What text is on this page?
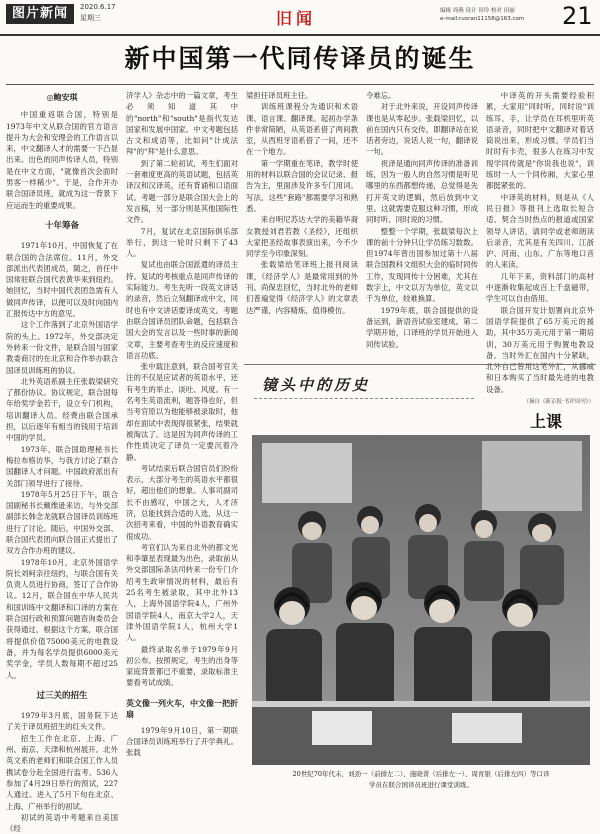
图片新闻	2020.6.17
星期三	旧闻	编辑 周燕 设计 田玲 校对 田丽
e-mail:ruoran11158@163.com 21
新中国第一代同传译员的诞生
◎鲍安琪

中国重返联合国，特别是1973年中文从联合国的官方语言提升为大会和安理会的工作语言以来，中文翻译人才的需要一下凸显出来。出色的同声传译人员，特别是在中文方面，"就像首次会面时男客一样稀少"。于是，合作开办联合国译员班，就成为这一背景下应运而生的重要成果。

十年筹备

1971年10月，中国恢复了在联合国的合法席位。11月，外交部派出代表团成员，随之，首任中国常驻联合国代表黄华来到纽约。她回忆，当时中国代表团急需有人做同声传译，以便可以及时向国内汇报传达中方的意见。

这个工作落到了北京外国语学院的头上。1972年，外交部决定外转来一份文件，是联合国与国家教委商讨的在北京和合作举办联合国译员训练班的协议。

北外英语系副主任张载梁研究了都份协议。协议规定，联合国每年给奖学金若干，设立专门机构，培训翻译人员。经费由联合国承担，以后逐年有相当的钱用于培训中国的学员。

1973年，联合国助理秘书长梅拉布格访华，与我方讨论了联合国翻译人才问题。中国政府派出有关部门领导进行了接待。

1978年5月25日下午，联合国副秘书长戴维逊来访，与外交部副部长韩念龙就联合国译员训练班进行了讨论。随后，中国外交部、联合国代表团向联合国正式提出了双方合作办班的建议。

1978年10月，北京外国语学院长刘柯亲往纽约，与联合国有关负责人员进行协商，签订了合作协议。12月，联合国在中华人民共和国训练中文翻译和口译的方案在联合国行政和预算问题咨询委员会获得通过，根据这个方案，联合国将提供价值75000美元的电教设备，并为每名学员提供6000美元奖学金，学员人数每期不超过25人。

过三关的招生

1979年3月底，国务院下达了关于译员班招生的红头文件。

招生工作在北京、上海、广州、南京、天津和杭州展开。北外英文系的老师们和联合国工作人员携试卷分赴全国进行监考。536人参加了4月29日举行的预试，227人通过。进入了5月下旬在北京、上海、广州举行的初试。

初试的英语中考题来自美国《经

济学人》杂志中的一篇文章，考生必须知道其中的"north"和"south"是指代发达国家和发展中国家。中文考题包括古文和成语等，比如问"计成法拜"的"拜"是什么意思。

到了第二轮初试，考生们面对一套难度更高的英语试题，包括英译汉和汉译英，还有背诵和口语面试。考题一部分是联合国大会上的发言稿，另一部分则是其他国际性文件。

7月，复试在北京国际俱乐部举行，到这一轮时只剩下了43人。

复试也由联合国派遣的译员主持。复试的考核重点是同声传译的实际能力。考生先听一段英文讲话的录音，然后立刻翻译成中文，同时也有中文讲话要译成英文。考题由联合国译员团队命题，包括联合国大会的发言以及一些时事的新闻文章，主要考查考生的反应速度和语言功底。

张中载注意到，联合国考官关注的不仅是应试者的英语水平，还有考生的举止、谈吐、风度。有一名考生英语流利，题答得也好，但当考官原以为他能够被录取时，他却在面试中表现得很紧张，结果就被淘汰了。这是因为同声传译的工作性质决定了译员一定要沉着冷静。

考试结束后联合国官员们纷纷表示，大部分考生的英语水平都很好，超出他们的想象。人事司副司长不由感叹，中国之大，人才济济，总能找到合适的人选，从这一次招考来看，中国的外语教育确实很成功。

考官们认为来自北外的都文光和李肇星表现最为出色，录取前从外交部国际条法司转来一份专门介绍考生政审情况的材料，最后有25名考生被录取，其中北外13人，上海外国语学院4人，广州外国语学院4人，南京大学2人，天津外国语学院1人，杭州大学1人。

最终录取名单于1979年9月初公布。按照规定，考生的出身等家庭背景都已不重要，录取标准主要看考试成绩。

英文像一列火车，中文像一把折扇

1979年9月10日，第一期联合国译员训练班举行了开学典礼。张载

梁担任译员班主任。

训练班课程分为通识和术语课、语言课、翻译课。起初办学条件非常简陋，从英语系借了两间教室，从西班牙语系借了一间，还不在一个地方。

第一学期重在笔译，教学时使用的材料以联合国的会议记录、报告为主，里面涉及许多专门用词。写法，这些"套路"都需要学习和熟悉。

来自明尼苏达大学的美籍华裔女教授刘君若教《圣经》，还组织大家把圣经故事表演出来，今不少同学至今印象深刻。

张载梁给笔译班上报刊阅读课，《经济学人》是最常用到的外刊。尚保忠回忆，当时北外的老师们普遍觉得《经济学人》的文章表达严谨，内容精炼，值得模仿。

令难忘。

对于北外来说，开设同声传译课也是从零起步。张载梁回忆，以前在国内只有交传，即翻译站在说话者旁边，说话人说一句，翻译说一句。

祝泽是通向同声传译的准备训练，因为一般人的自然习惯是听见哪里的东西都想传递，总觉得是先打开英文的逻辑，然后放到中文里。这就需要克服这种习惯，形成同时听、同时说的习惯。

整整一个学期，张载梁每次上课的前十分钟只让学员练习数数。但1974年曾出国参加过第十八届联合国教科文组织大会的临时同传工作，发现同传十分困难，尤其在数字上，中文以万为单位，英文以千为单位，较难换算。

1979年底，联合国提供的设备运到，新语音试验室建成。第二学期开始，口译班的学员开始进入同传试验。

中译英的开头需要经验积累，大家用"同时听，同时说"训练耳、手，让学员在耳机里听英语录音，同时把中文翻译对着话筒说出来，形成习惯。学员们当时时有卡壳，很多人在练习中发现学同传就是"你说我也说"，训练时一人一个同传厢，大家心里都挺紧张的。

中译英的材料，则是从《人民日报》等报刊上选取长短合适、契合当时热点的报道或国家领导人讲话，请同学或老师朗读后录音，尤其是有关四川、江浙沪、河南、山东、广东等地口音的人来读。

几年下来，资料部门的高材中逐渐收集起成百上千盘磁带，学生可以自由借用。

联合国开发计划署向北京外国语学院提供了65万美元的援助，其中35万美元用于第一期培训，30万美元用于购置电教设备。当时外汇在国内十分紧缺，北外自己曾用这笔外汇，从挪威和日本购买了当时最先进的电教设备。

（摘自《新京报·书评周刊》）
镜头中的历史
上课
20世纪70年代末，刘劲一（前排左二）、施晓菁（后排左一）、周育银（后排左四）等口译学员在联合国译员班进行课堂训练。
